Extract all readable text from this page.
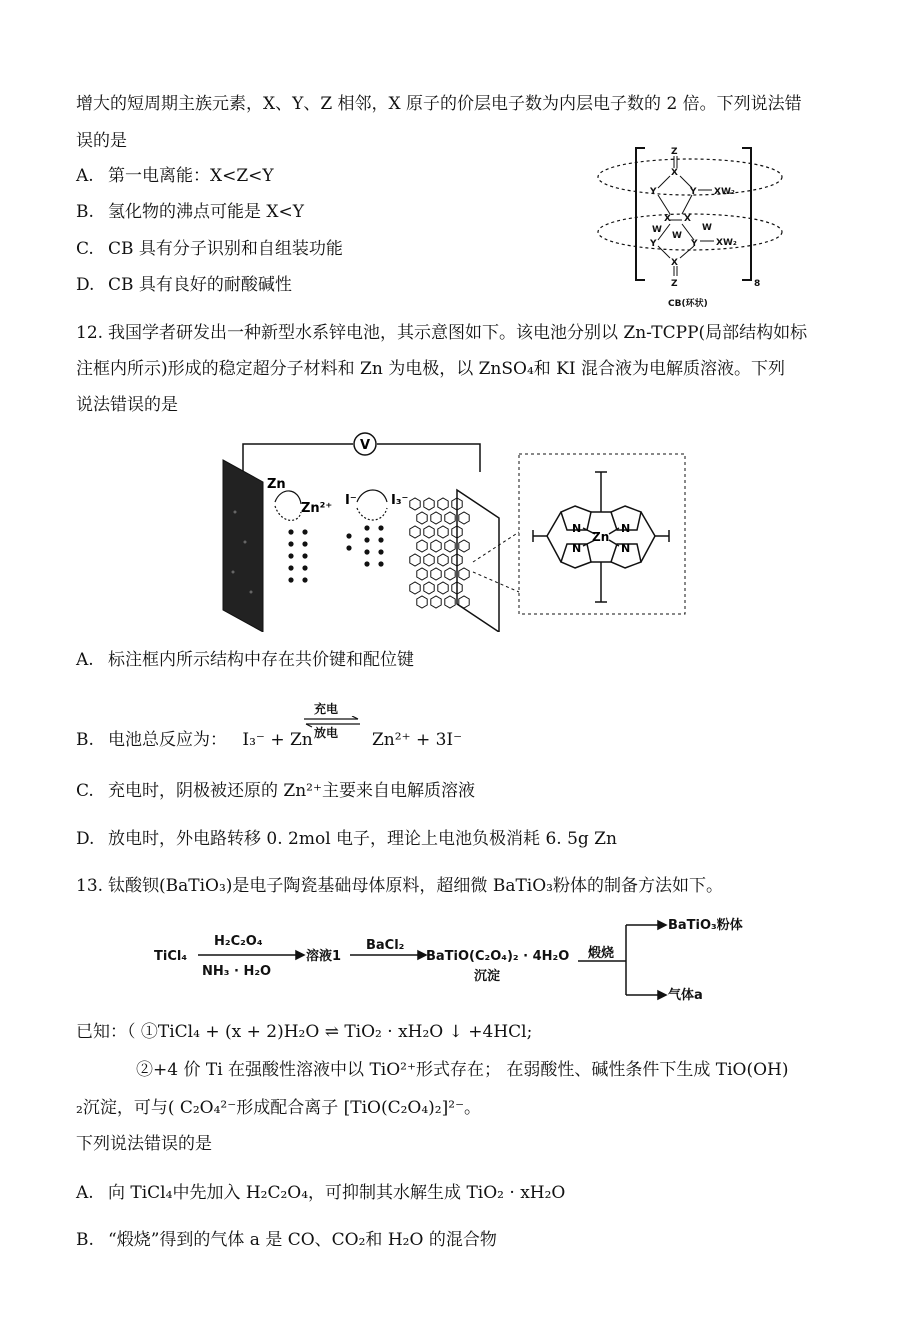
增大的短周期主族元素，X、Y、Z 相邻，X 原子的价层电子数为内层电子数的 2 倍。下列说法错
误的是
A. 第一电离能：X<Z<Y
B. 氢化物的沸点可能是 X<Y
C. CB 具有分子识别和自组装功能
D. CB 具有良好的耐酸碱性
Z
X
Y	Y XW₂
X X
W	W
W
Y	Y XW₂
X
Z	8
CB(环状)
12. 我国学者研发出一种新型水系锌电池，其示意图如下。该电池分别以 Zn-TCPP(局部结构如标
注框内所示)形成的稳定超分子材料和 Zn 为电极，以 ZnSO₄和 KI 混合液为电解质溶液。下列
说法错误的是
V
Zn
Zn²⁺
I⁻	I₃⁻
Zn
N	N
N	N
A. 标注框内所示结构中存在共价键和配位键
B. 电池总反应为： I₃⁻ + Zn
充电
放电 Zn²⁺ + 3I⁻
C. 充电时，阴极被还原的 Zn²⁺主要来自电解质溶液
D. 放电时，外电路转移 0. 2mol 电子，理论上电池负极消耗 6. 5g Zn
13. 钛酸钡(BaTiO₃)是电子陶瓷基础母体原料，超细微 BaTiO₃粉体的制备方法如下。
TiCl₄
H₂C₂O₄
NH₃ · H₂O
溶液1
BaCl₂
BaTiO(C₂O₄)₂ · 4H₂O
沉淀
煅烧
BaTiO₃粉体
气体a
已知：（ ①TiCl₄ + (x + 2)H₂O ⇌ TiO₂ · xH₂O ↓ +4HCl;
②+4 价 Ti 在强酸性溶液中以 TiO²⁺形式存在； 在弱酸性、碱性条件下生成 TiO(OH)
₂沉淀，可与( C₂O₄²⁻形成配合离子 [TiO(C₂O₄)₂]²⁻。
下列说法错误的是
A. 向 TiCl₄中先加入 H₂C₂O₄，可抑制其水解生成 TiO₂ · xH₂O
B. “煅烧”得到的气体 a 是 CO、CO₂和 H₂O 的混合物
